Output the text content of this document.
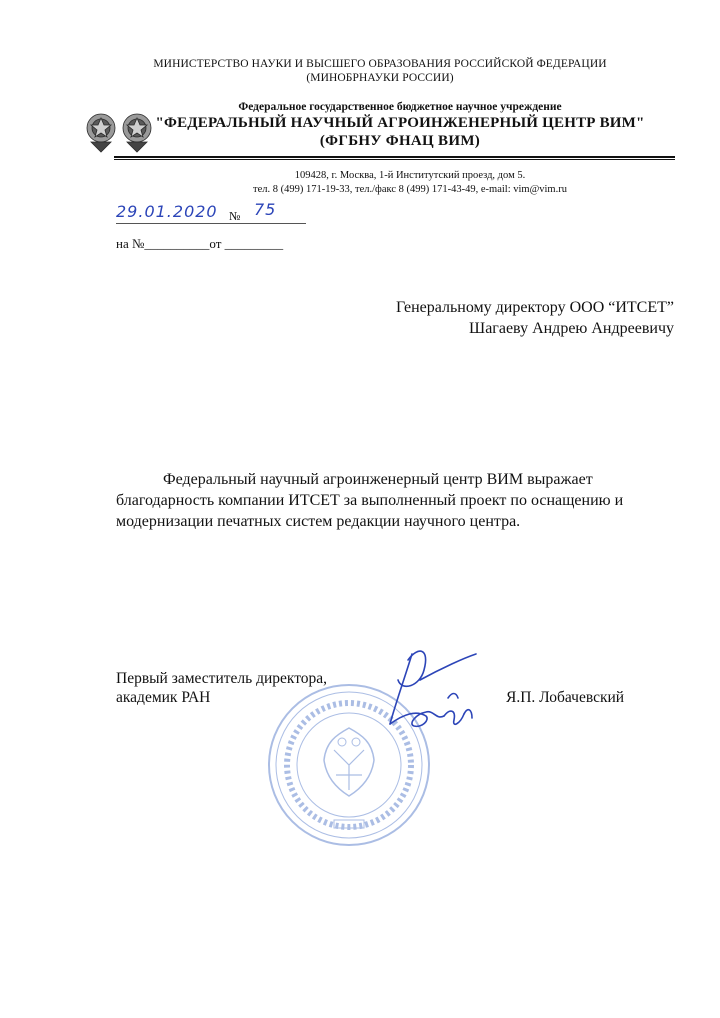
МИНИСТЕРСТВО НАУКИ И ВЫСШЕГО ОБРАЗОВАНИЯ РОССИЙСКОЙ ФЕДЕРАЦИИ
(МИНОБРНАУКИ РОССИИ)
Федеральное государственное бюджетное научное учреждение
"ФЕДЕРАЛЬНЫЙ НАУЧНЫЙ АГРОИНЖЕНЕРНЫЙ ЦЕНТР ВИМ"
(ФГБНУ ФНАЦ ВИМ)
109428, г. Москва, 1-й Институтский проезд, дом 5.
тел. 8 (499) 171-19-33, тел./факс 8 (499) 171-43-49, e-mail: vim@vim.ru
29.01.2020 № 75
на №__________от _________
Генеральному директору ООО “ИТСЕТ”
Шагаеву Андрею Андреевичу

Федеральный научный агроинженерный центр ВИМ выражает благодарность компании ИТСЕТ за выполненный проект по оснащению и модернизации печатных систем редакции научного центра.

Первый заместитель директора,
академик РАН	Я.П. Лобачевский
